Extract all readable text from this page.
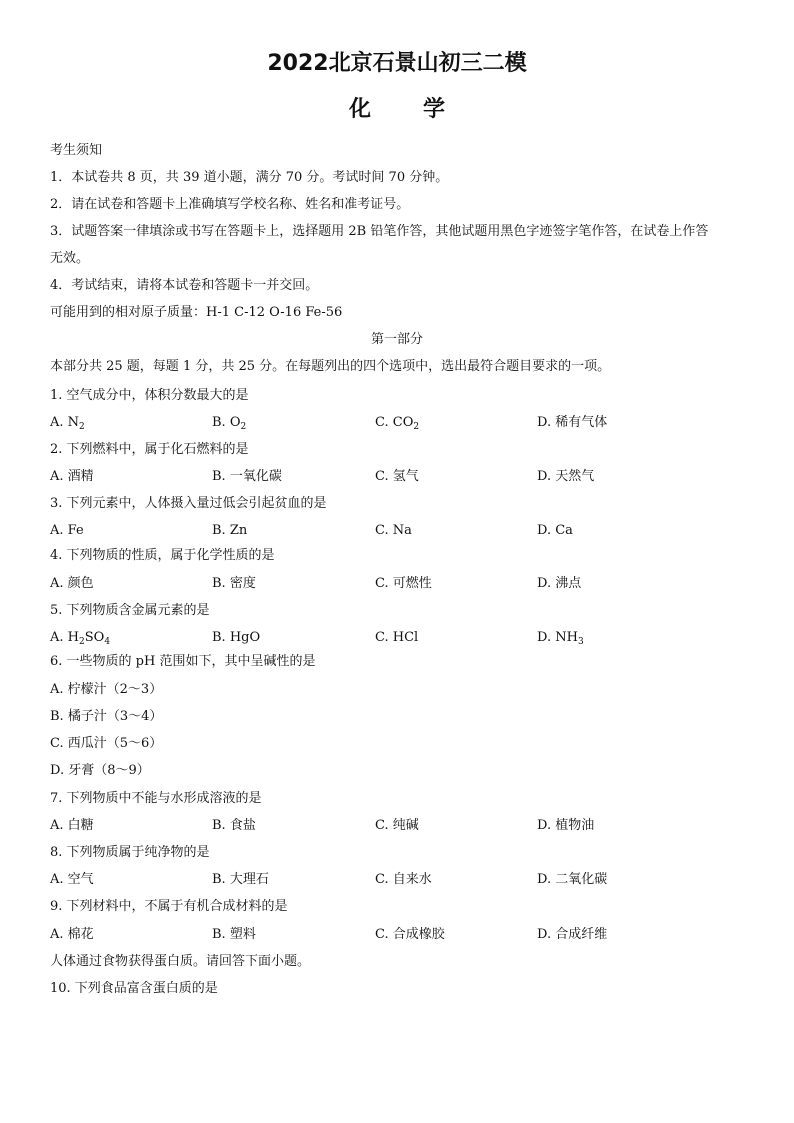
2022北京石景山初三二模
化 学
考生须知
1．本试卷共 8 页，共 39 道小题，满分 70 分。考试时间 70 分钟。
2．请在试卷和答题卡上准确填写学校名称、姓名和准考证号。
3．试题答案一律填涂或书写在答题卡上，选择题用 2B 铅笔作答，其他试题用黑色字迹签字笔作答，在试卷上作答
无效。
4．考试结束，请将本试卷和答题卡一并交回。
可能用到的相对原子质量：H-1 C-12 O-16 Fe-56
第一部分
本部分共 25 题，每题 1 分，共 25 分。在每题列出的四个选项中，选出最符合题目要求的一项。
1. 空气成分中，体积分数最大的是
A. $N_2$	B. $O_2$	C. $CO_2$	D. 稀有气体
2. 下列燃料中，属于化石燃料的是
A. 酒精	B. 一氧化碳	C. 氢气	D. 天然气
3. 下列元素中，人体摄入量过低会引起贫血的是
A. Fe	B. Zn	C. Na	D. Ca
4. 下列物质的性质，属于化学性质的是
A. 颜色	B. 密度	C. 可燃性	D. 沸点
5. 下列物质含金属元素的是
A. $H_2SO_4$	B. HgO	C. HCl	D. $NH_3$
6. 一些物质的 pH 范围如下，其中呈碱性的是
A. 柠檬汁（2～3）
B. 橘子汁（3～4）
C. 西瓜汁（5～6）
D. 牙膏（8～9）
7. 下列物质中不能与水形成溶液的是
A. 白糖	B. 食盐	C. 纯碱	D. 植物油
8. 下列物质属于纯净物的是
A. 空气	B. 大理石	C. 自来水	D. 二氧化碳
9. 下列材料中，不属于有机合成材料的是
A. 棉花	B. 塑料	C. 合成橡胶	D. 合成纤维
人体通过食物获得蛋白质。请回答下面小题。
10. 下列食品富含蛋白质的是
